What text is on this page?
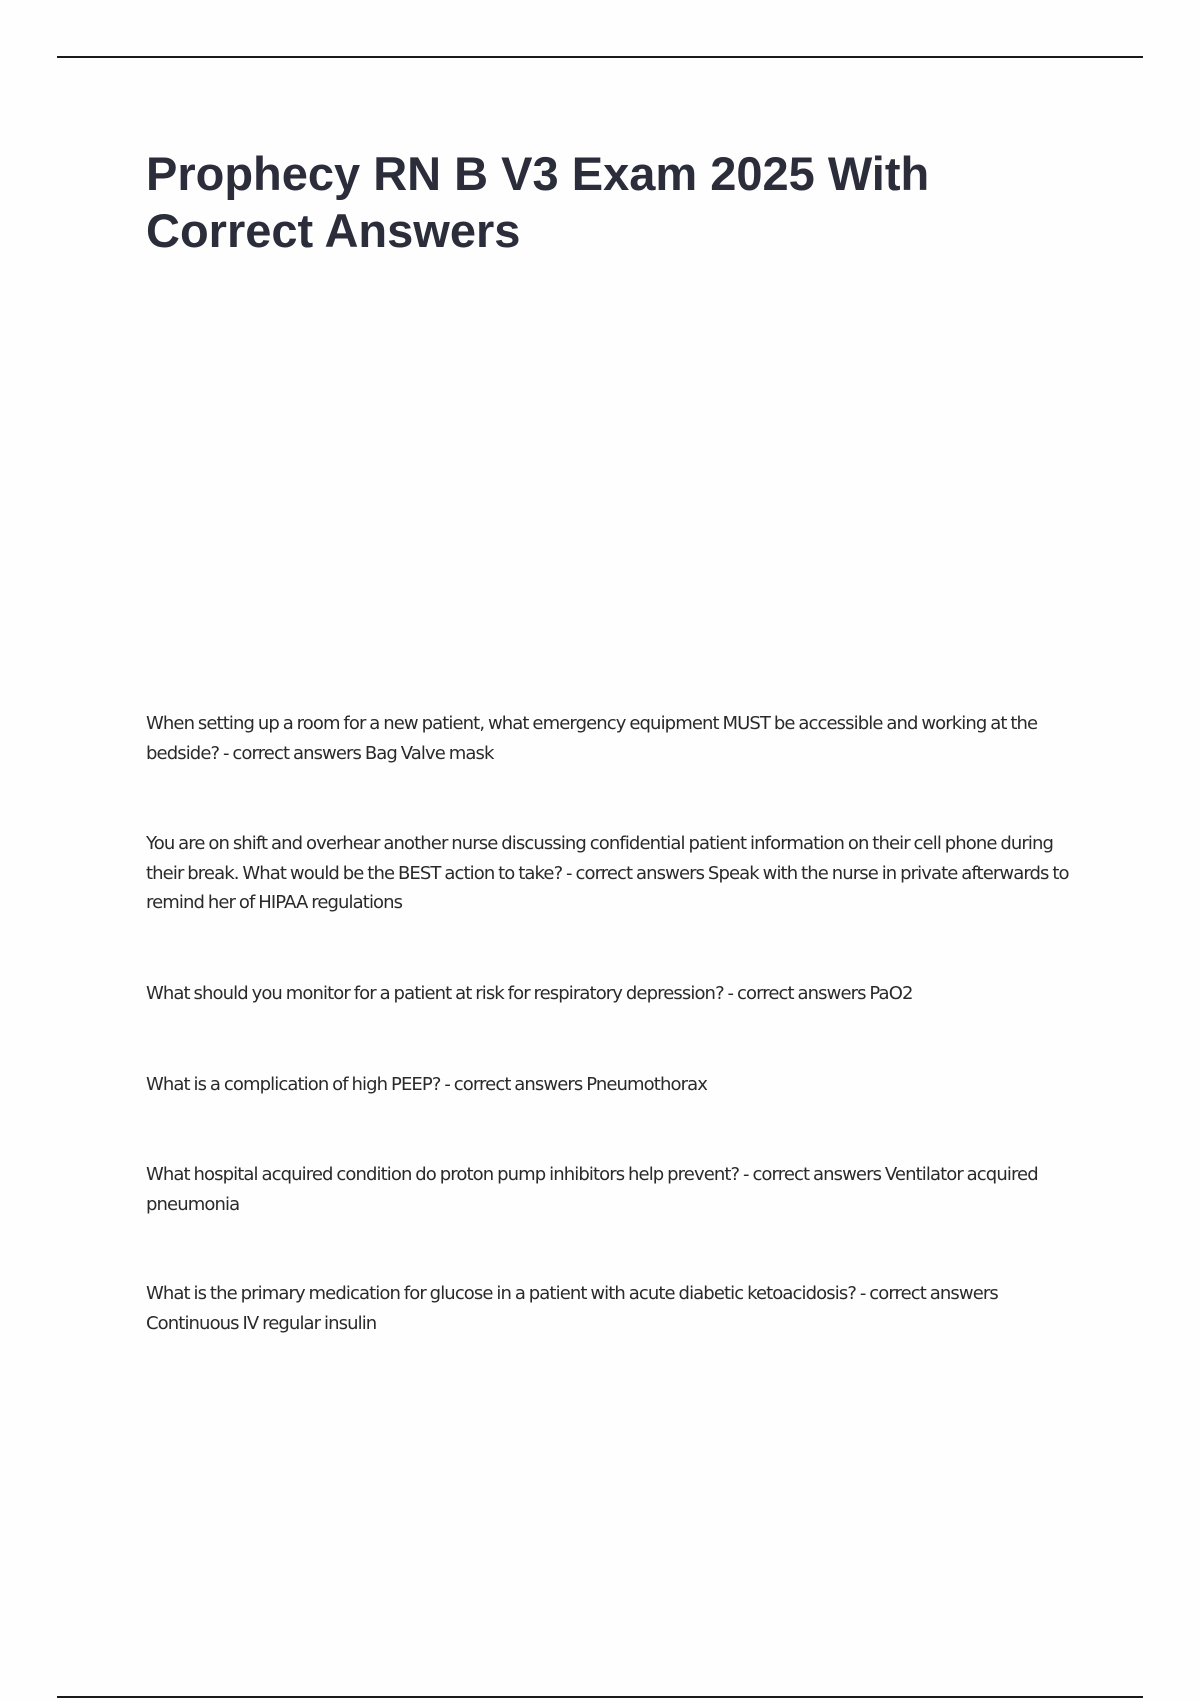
Prophecy RN B V3 Exam 2025 With Correct Answers

When setting up a room for a new patient, what emergency equipment MUST be accessible and working at the bedside? - correct answers Bag Valve mask

You are on shift and overhear another nurse discussing confidential patient information on their cell phone during their break. What would be the BEST action to take? - correct answers Speak with the nurse in private afterwards to remind her of HIPAA regulations

What should you monitor for a patient at risk for respiratory depression? - correct answers PaO2

What is a complication of high PEEP? - correct answers Pneumothorax

What hospital acquired condition do proton pump inhibitors help prevent? - correct answers Ventilator acquired pneumonia

What is the primary medication for glucose in a patient with acute diabetic ketoacidosis? - correct answers Continuous IV regular insulin
